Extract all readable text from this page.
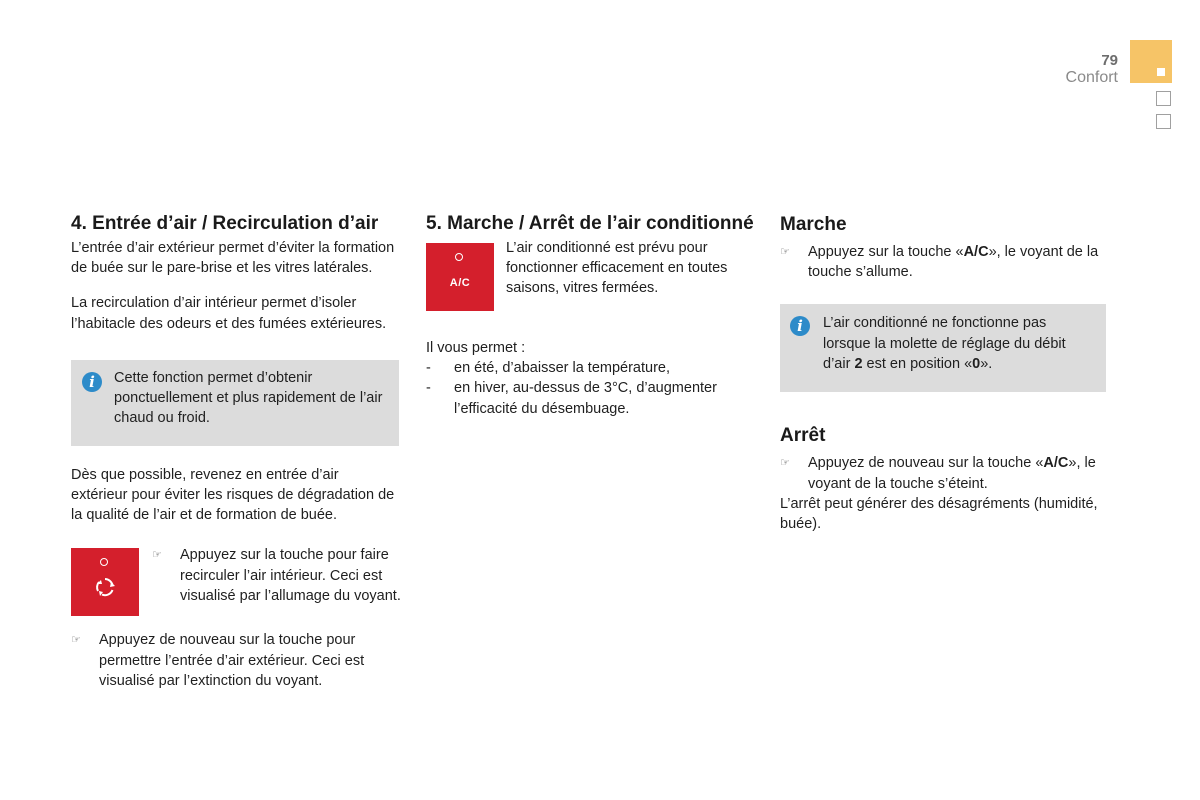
79
Confort
4. Entrée d’air / Recirculation d’air

L’entrée d’air extérieur permet d’éviter la formation de buée sur le pare-brise et les vitres latérales.

La recirculation d’air intérieur permet d’isoler l’habitacle des odeurs et des fumées extérieures.

i	Cette fonction permet d’obtenir ponctuellement et plus rapidement de l’air chaud ou froid.

Dès que possible, revenez en entrée d’air extérieur pour éviter les risques de dégradation de la qualité de l’air et de formation de buée.

☞ Appuyez sur la touche pour faire recirculer l’air intérieur. Ceci est visualisé par l’allumage du voyant.
☞ Appuyez de nouveau sur la touche pour permettre l’entrée d’air extérieur. Ceci est visualisé par l’extinction du voyant.
5. Marche / Arrêt de l’air conditionné
A/C

L’air conditionné est prévu pour fonctionner efficacement en toutes saisons, vitres fermées.

Il vous permet :

- en été, d’abaisser la température,
- en hiver, au-dessus de 3°C, d’augmenter l’efficacité du désembuage.
Marche
☞ Appuyez sur la touche «A/C», le voyant de la touche s’allume.
i	L’air conditionné ne fonctionne pas lorsque la molette de réglage du débit d’air 2 est en position «0».

Arrêt
☞ Appuyez de nouveau sur la touche «A/C», le voyant de la touche s’éteint.

L’arrêt peut générer des désagréments (humidité, buée).
